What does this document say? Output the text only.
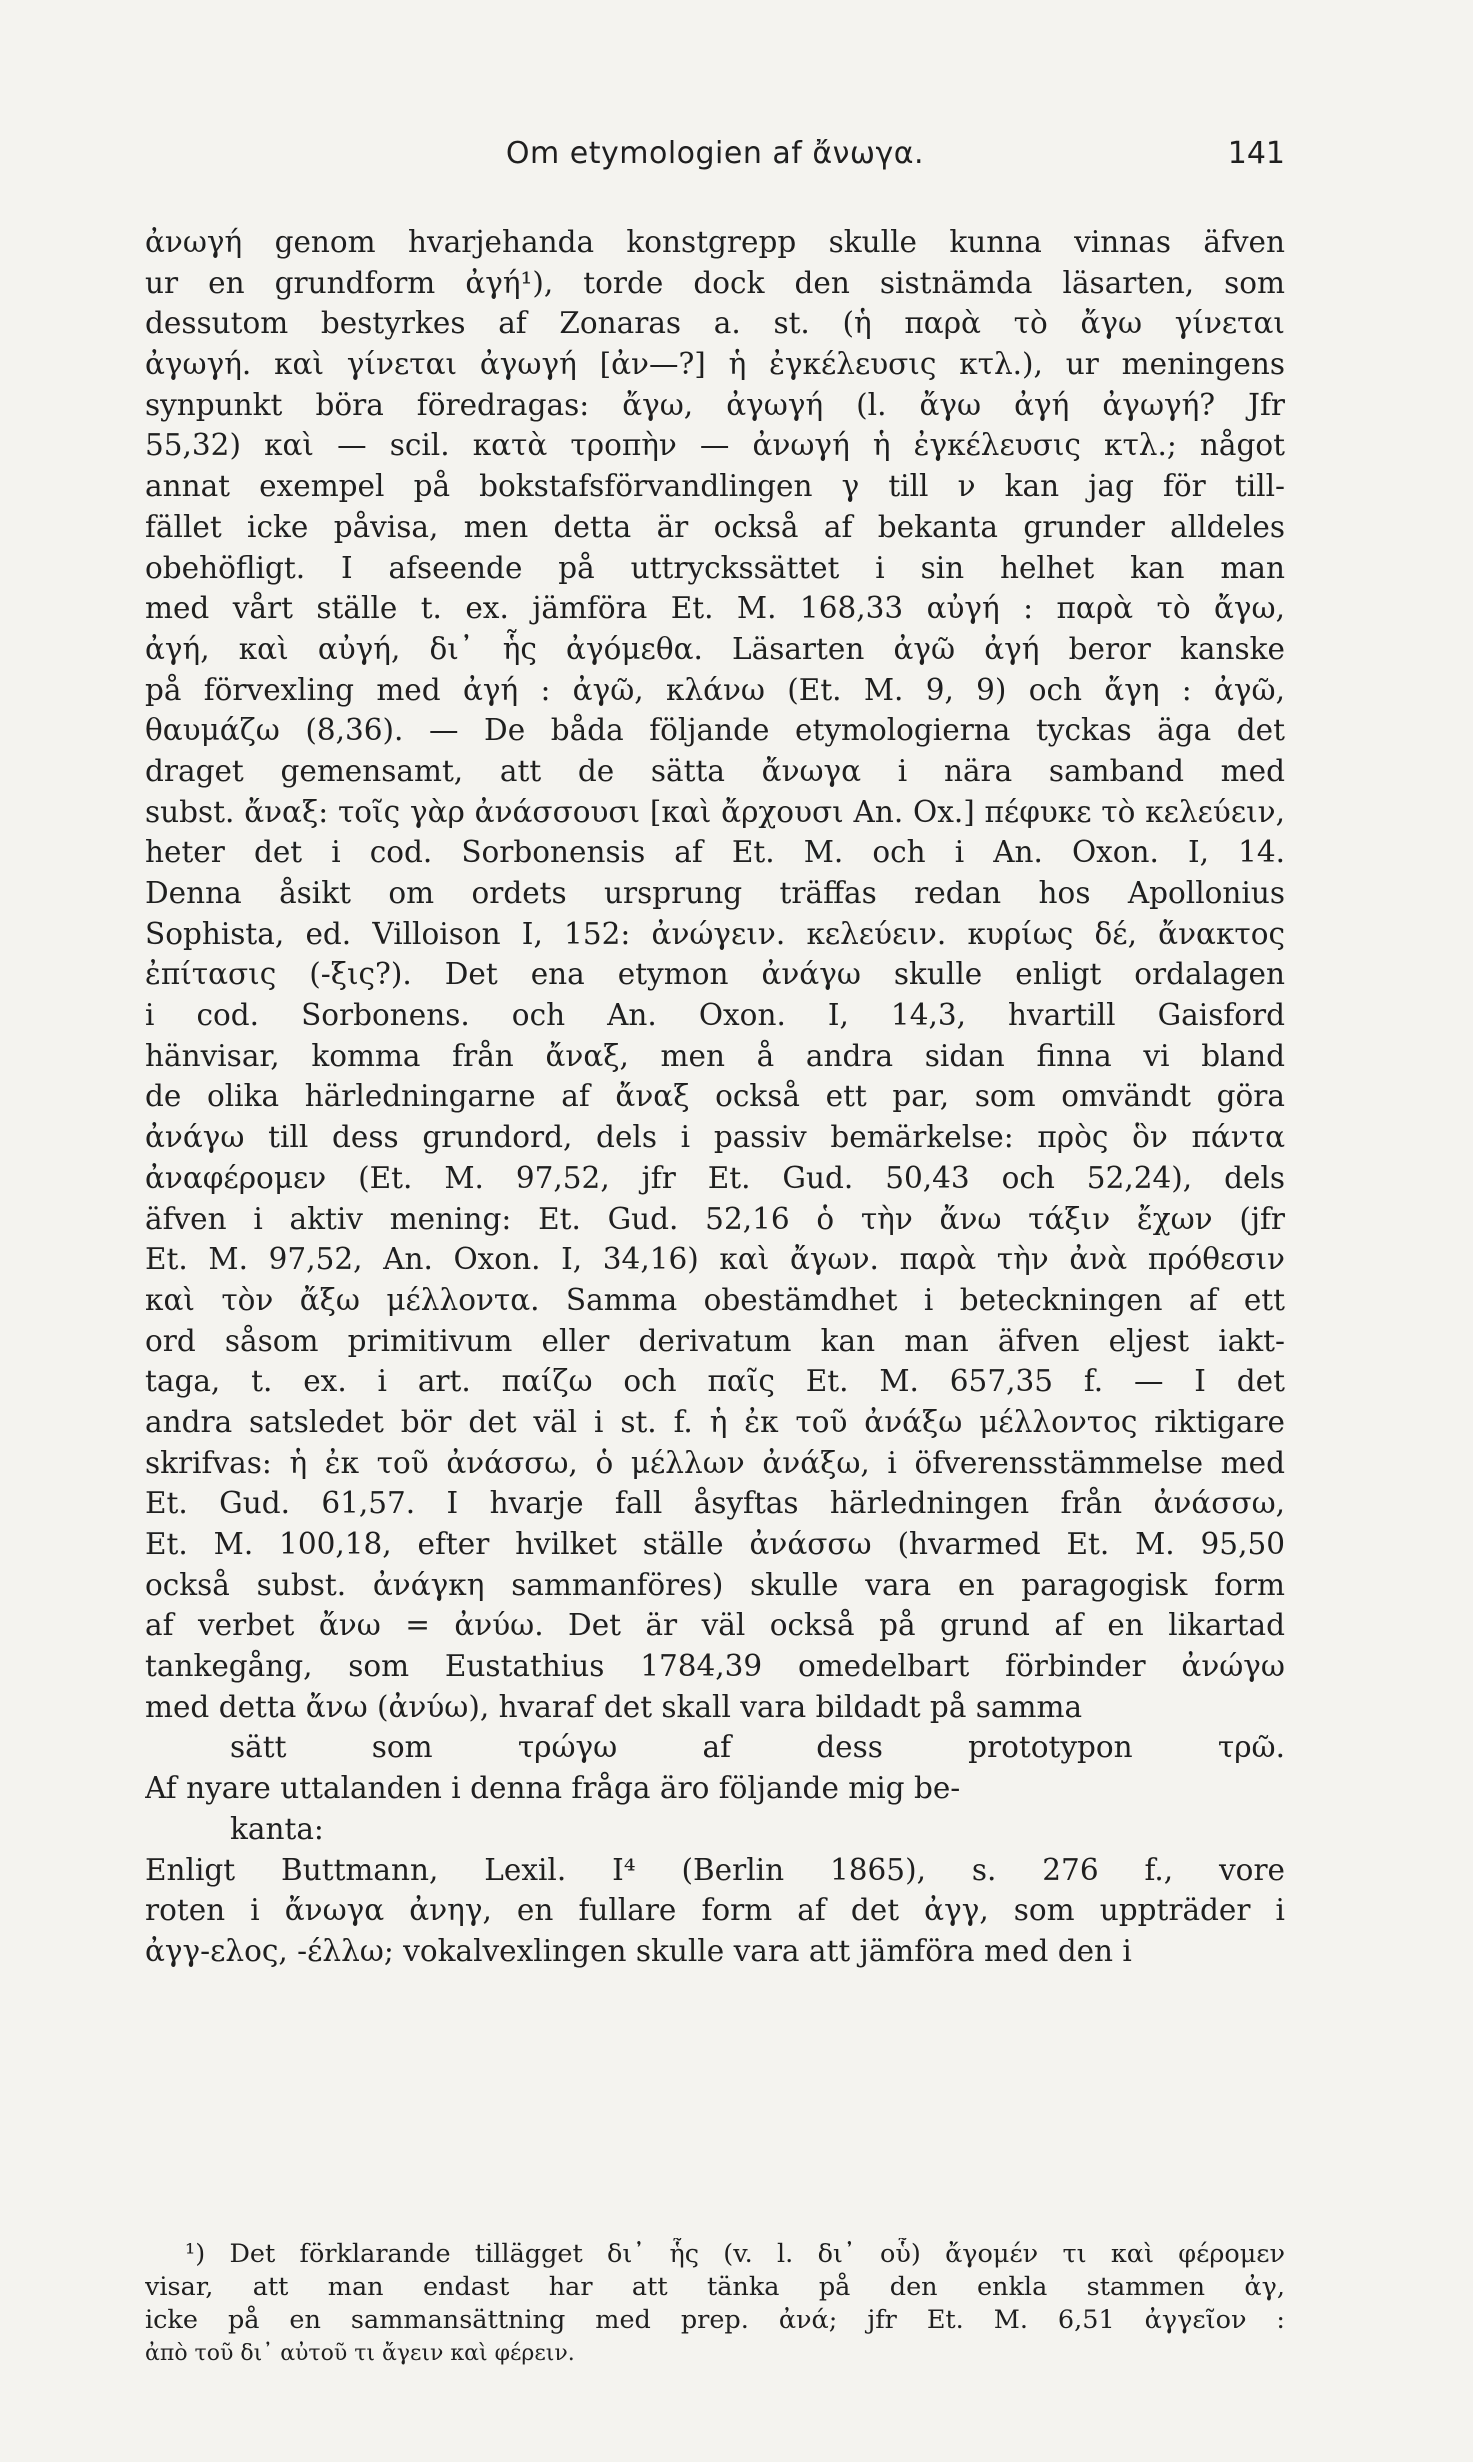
Om etymologien af ἄνωγα.	141
ἀνωγή genom hvarjehanda konstgrepp skulle kunna vinnas äfven
ur en grundform ἀγή¹), torde dock den sistnämda läsarten, som
dessutom bestyrkes af Zonaras a. st. (ἡ παρὰ τὸ ἄγω γίνεται
ἀγωγή. καὶ γίνεται ἀγωγή [ἀν—?] ἡ ἐγκέλευσις κτλ.), ur meningens
synpunkt böra föredragas: ἄγω, ἀγωγή (l. ἄγω ἀγή ἀγωγή? Jfr
55,32) καὶ — scil. κατὰ τροπὴν — ἀνωγή ἡ ἐγκέλευσις κτλ.; något
annat exempel på bokstafsförvandlingen γ till ν kan jag för till-
fället icke påvisa, men detta är också af bekanta grunder alldeles
obehöfligt. I afseende på uttryckssättet i sin helhet kan man
med vårt ställe t. ex. jämföra Et. M. 168,33 αὐγή : παρὰ τὸ ἄγω,
ἀγή, καὶ αὐγή, δι᾽ ἧς ἀγόμεθα. Läsarten ἀγῶ ἀγή beror kanske
på förvexling med ἀγή : ἀγῶ, κλάνω (Et. M. 9, 9) och ἄγη : ἀγῶ,
θαυμάζω (8,36). — De båda följande etymologierna tyckas äga det
draget gemensamt, att de sätta ἄνωγα i nära samband med
subst. ἄναξ: τοῖς γὰρ ἀνάσσουσι [καὶ ἄρχουσι An. Ox.] πέφυκε τὸ κελεύειν,
heter det i cod. Sorbonensis af Et. M. och i An. Oxon. I, 14.
Denna åsikt om ordets ursprung träffas redan hos Apollonius
Sophista, ed. Villoison I, 152: ἀνώγειν. κελεύειν. κυρίως δέ, ἄνακτος
ἐπίτασις (-ξις?). Det ena etymon ἀνάγω skulle enligt ordalagen
i cod. Sorbonens. och An. Oxon. I, 14,3, hvartill Gaisford
hänvisar, komma från ἄναξ, men å andra sidan finna vi bland
de olika härledningarne af ἄναξ också ett par, som omvändt göra
ἀνάγω till dess grundord, dels i passiv bemärkelse: πρὸς ὃν πάντα
ἀναφέρομεν (Et. M. 97,52, jfr Et. Gud. 50,43 och 52,24), dels
äfven i aktiv mening: Et. Gud. 52,16 ὁ τὴν ἄνω τάξιν ἔχων (jfr
Et. M. 97,52, An. Oxon. I, 34,16) καὶ ἄγων. παρὰ τὴν ἀνὰ πρόθεσιν
καὶ τὸν ἄξω μέλλοντα. Samma obestämdhet i beteckningen af ett
ord såsom primitivum eller derivatum kan man äfven eljest iakt-
taga, t. ex. i art. παίζω och παῖς Et. M. 657,35 f. — I det
andra satsledet bör det väl i st. f. ἡ ἐκ τοῦ ἀνάξω μέλλοντος riktigare
skrifvas: ἡ ἐκ τοῦ ἀνάσσω, ὁ μέλλων ἀνάξω, i öfverensstämmelse med
Et. Gud. 61,57. I hvarje fall åsyftas härledningen från ἀνάσσω,
Et. M. 100,18, efter hvilket ställe ἀνάσσω (hvarmed Et. M. 95,50
också subst. ἀνάγκη sammanföres) skulle vara en paragogisk form
af verbet ἄνω = ἀνύω. Det är väl också på grund af en likartad
tankegång, som Eustathius 1784,39 omedelbart förbinder ἀνώγω
med detta ἄνω (ἀνύω), hvaraf det skall vara bildadt på samma
sätt som τρώγω af dess prototypon τρῶ.
Af nyare uttalanden i denna fråga äro följande mig be-
kanta:
Enligt Buttmann, Lexil. I⁴ (Berlin 1865), s. 276 f., vore
roten i ἄνωγα ἀνηγ, en fullare form af det ἀγγ, som uppträder i
ἀγγ-ελος, -έλλω; vokalvexlingen skulle vara att jämföra med den i
¹) Det förklarande tillägget δι᾽ ἧς (v. l. δι᾽ οὗ) ἄγομέν τι καὶ φέρομεν
visar, att man endast har att tänka på den enkla stammen ἀγ,
icke på en sammansättning med prep. ἀνά; jfr Et. M. 6,51 ἀγγεῖον :
ἀπὸ τοῦ δι᾽ αὐτοῦ τι ἄγειν καὶ φέρειν.
